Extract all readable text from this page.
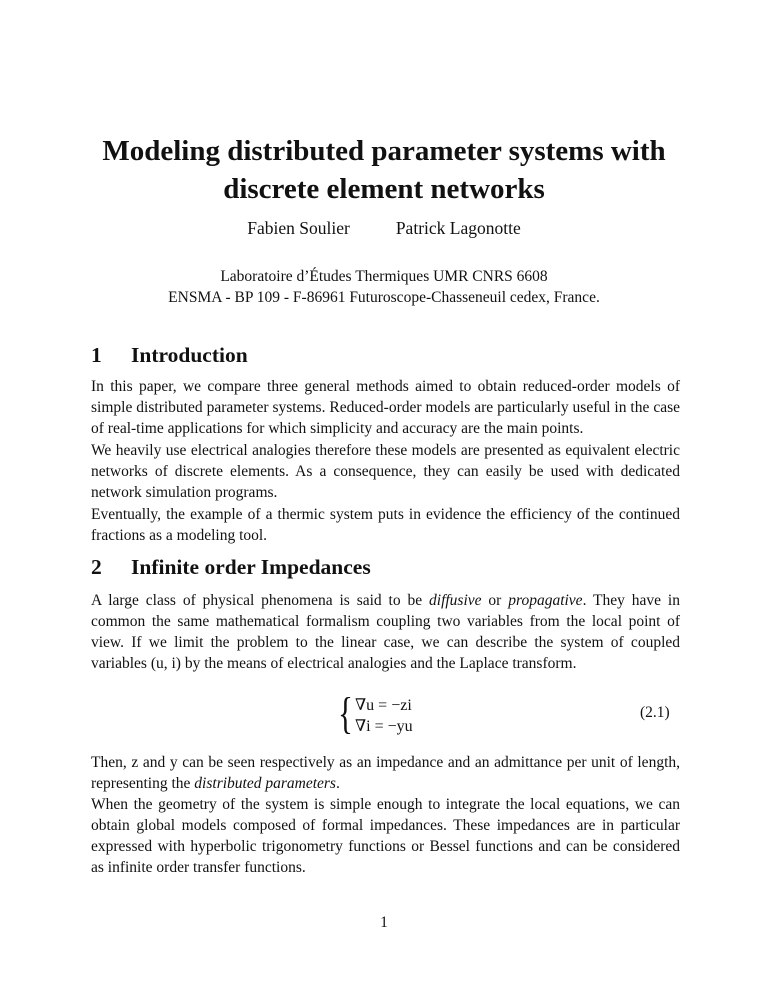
Modeling distributed parameter systems with
discrete element networks
Fabien Soulier	Patrick Lagonotte
Laboratoire d’Études Thermiques UMR CNRS 6608
ENSMA - BP 109 - F-86961 Futuroscope-Chasseneuil cedex, France.
1 Introduction
In this paper, we compare three general methods aimed to obtain reduced-order models of simple distributed parameter systems. Reduced-order models are particularly useful in the case of real-time applications for which simplicity and accuracy are the main points.
We heavily use electrical analogies therefore these models are presented as equivalent electric networks of discrete elements. As a consequence, they can easily be used with dedicated network simulation programs.
Eventually, the example of a thermic system puts in evidence the efficiency of the continued fractions as a modeling tool.
2 Infinite order Impedances
A large class of physical phenomena is said to be diffusive or propagative. They have in common the same mathematical formalism coupling two variables from the local point of view. If we limit the problem to the linear case, we can describe the system of coupled variables (u, i) by the means of electrical analogies and the Laplace transform.
{ ∇u = −zi
∇i = −yu
(2.1)
Then, z and y can be seen respectively as an impedance and an admittance per unit of length, representing the distributed parameters.
When the geometry of the system is simple enough to integrate the local equations, we can obtain global models composed of formal impedances. These impedances are in particular expressed with hyperbolic trigonometry functions or Bessel functions and can be considered as infinite order transfer functions.
1
